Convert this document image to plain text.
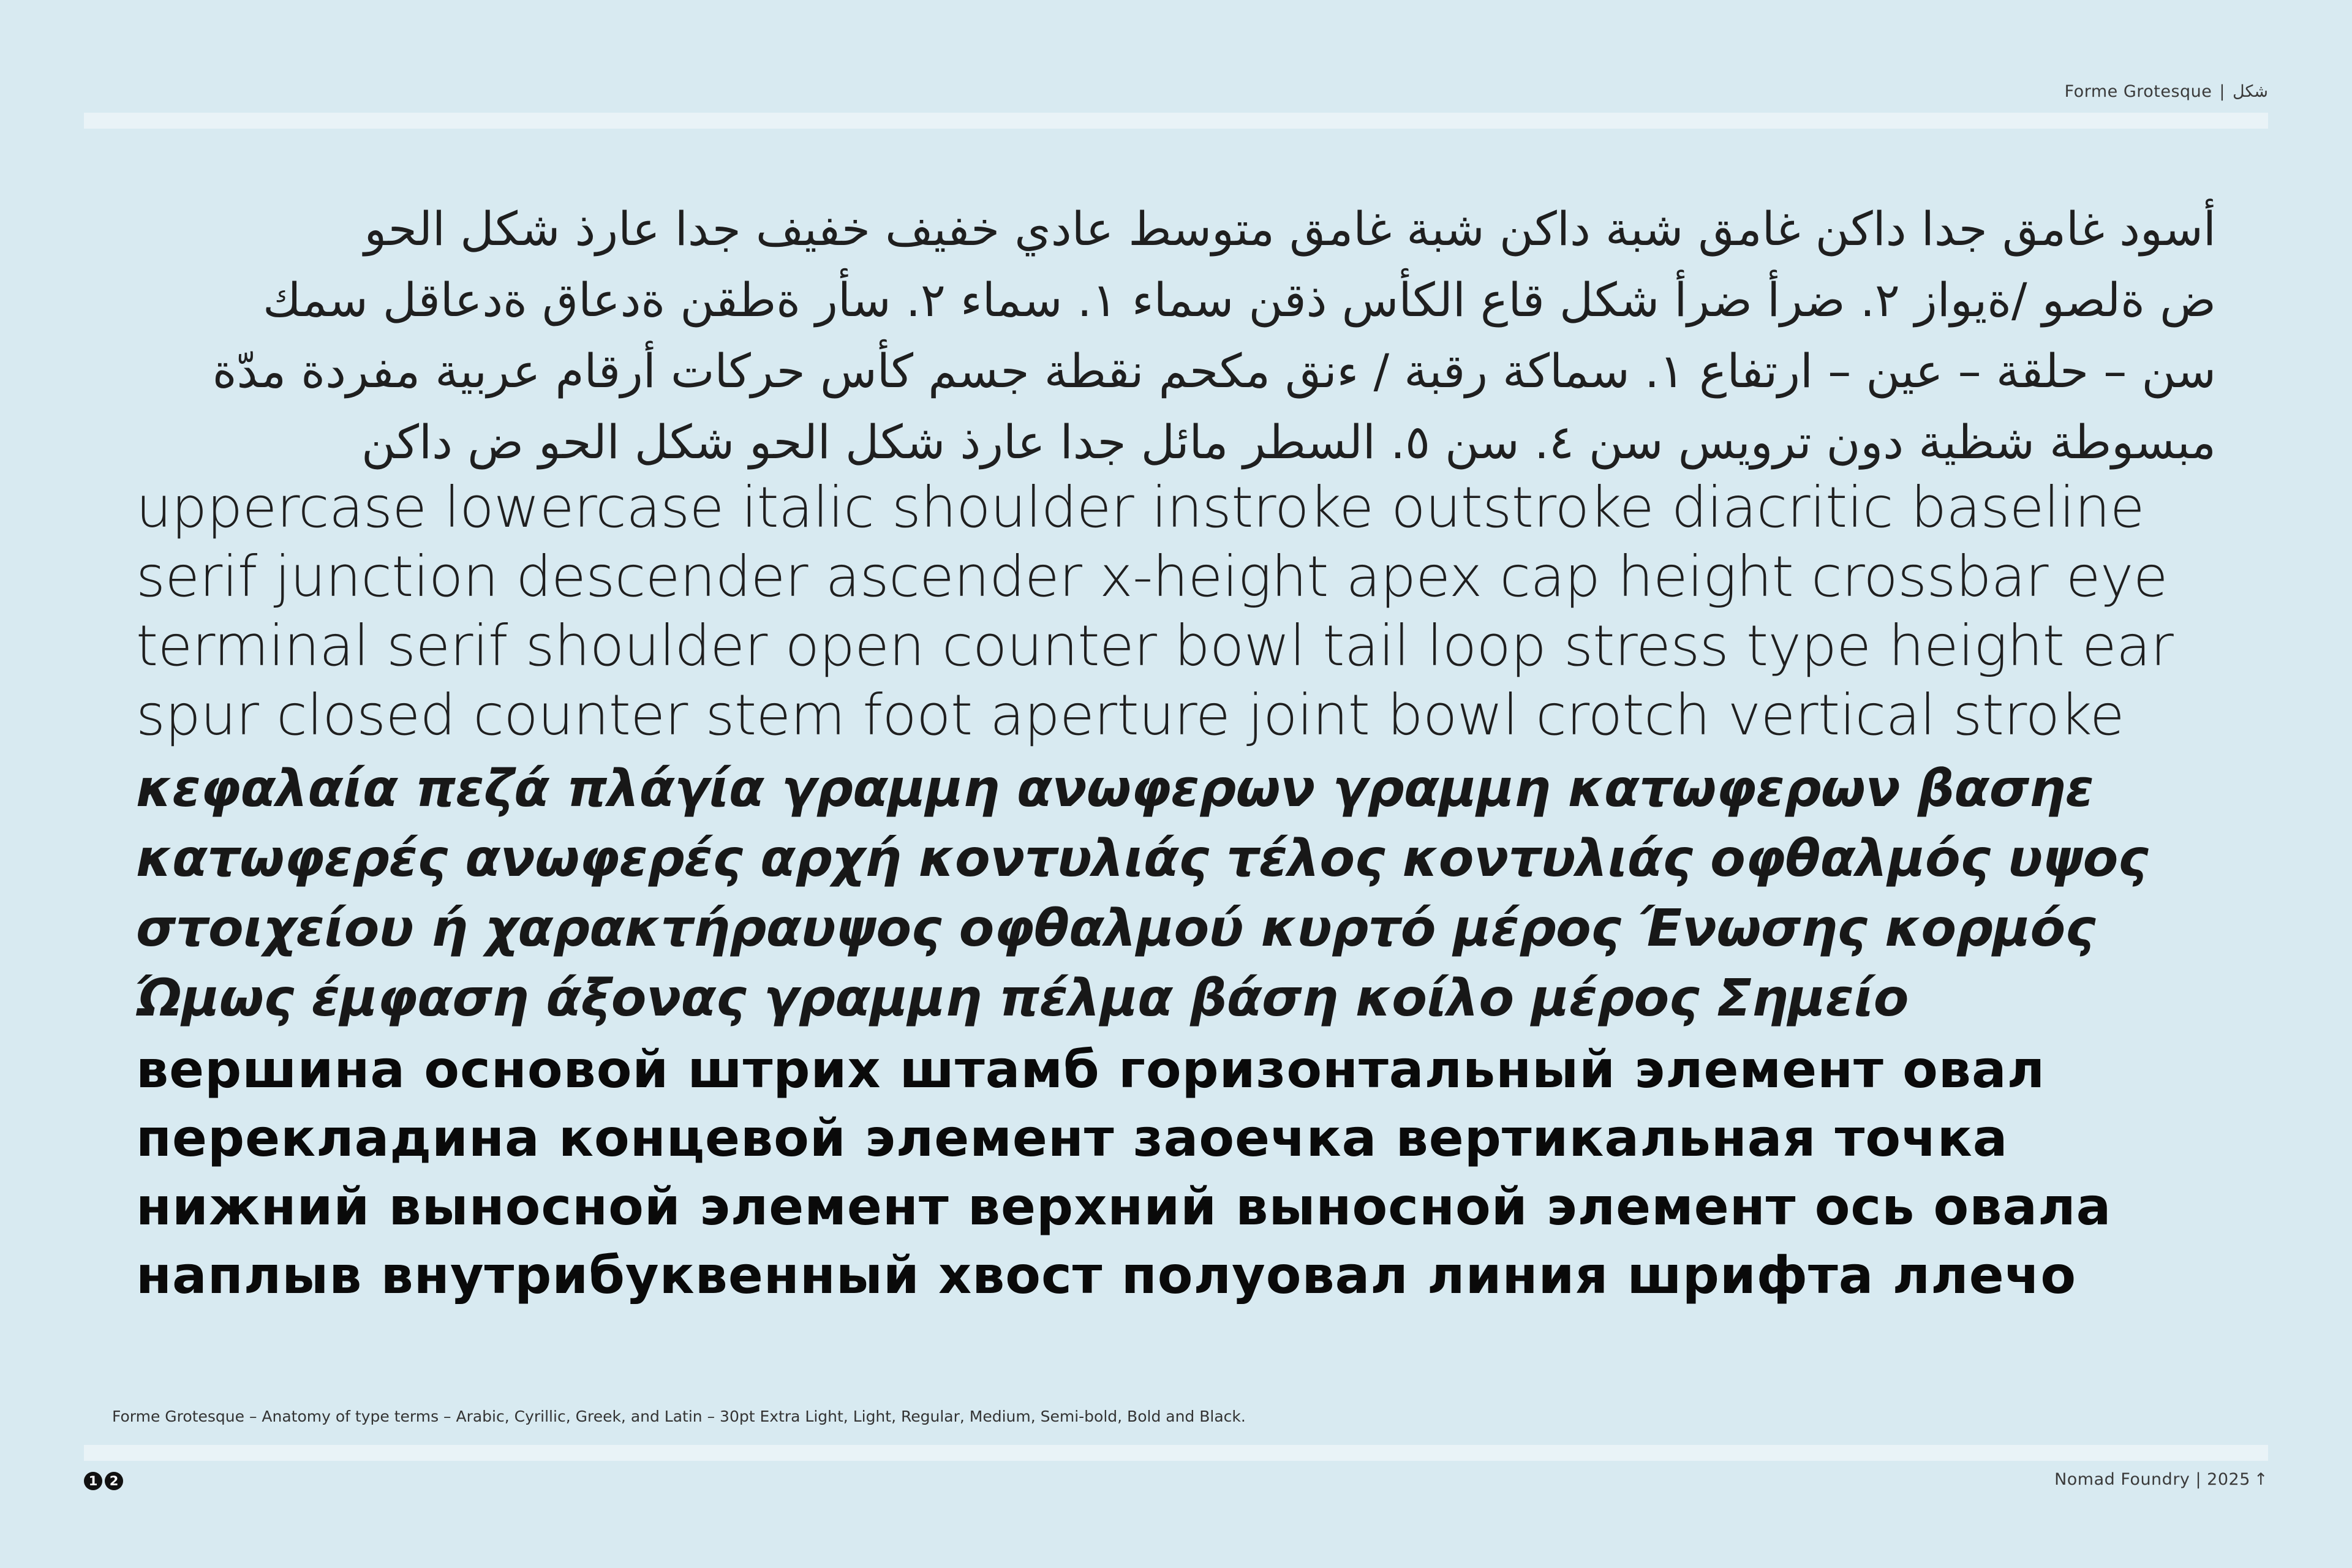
Forme Grotesque | شكل
أسود غامق جدا داكن غامق شبة داكن شبة غامق متوسط عادي خفيف خفيف جدا عارذ شكل الحو
ض ةلصو /ةيواز ٢. ضرأ ضرأ شكل قاع الكأس ذقن سماء ١. سماء ٢. سأر ةطقن ةدعاق ةدعاقل سمك
سن – حلقة – عين – ارتفاع ١. سماكة رقبة / ءنق مكحم نقطة جسم كأس حركات أرقام عربية مفردة مدّة
مبسوطة شظية دون ترويس سن ٤. سن ٥. السطر مائل جدا عارذ شكل الحو شكل الحو ض داكن
uppercase lowercase italic shoulder instroke outstroke diacritic baseline
serif junction descender ascender x-height apex cap height crossbar eye
terminal serif shoulder open counter bowl tail loop stress type height ear
spur closed counter stem foot aperture joint bowl crotch vertical stroke
κεφαλαία πεζά πλάγία γραμμη ανωφερων γραμμη κατωφερων βασηε
κατωφερές ανωφερές αρχή κοντυλιάς τέλος κοντυλιάς οφθαλμός υψος
στοιχείου ή χαρακτήραυψος οφθαλμού κυρτό μέρος Ένωσης κορμός
Ώμως έμφαση άξονας γραμμη πέλμα βάση κοίλο μέρος Σημείο
вершина основой штрих штамб горизонтальный элемент овал
перекладина концевой элемент заоечка вертикальная точка
нижний выносной элемент верхний выносной элемент ось овала
наплыв внутрибуквенный хвост полуовал линия шрифта ллечо
Forme Grotesque – Anatomy of type terms – Arabic, Cyrillic, Greek, and Latin – 30pt Extra Light, Light, Regular, Medium, Semi-bold, Bold and Black.
1 2	Nomad Foundry | 2025 ↑
